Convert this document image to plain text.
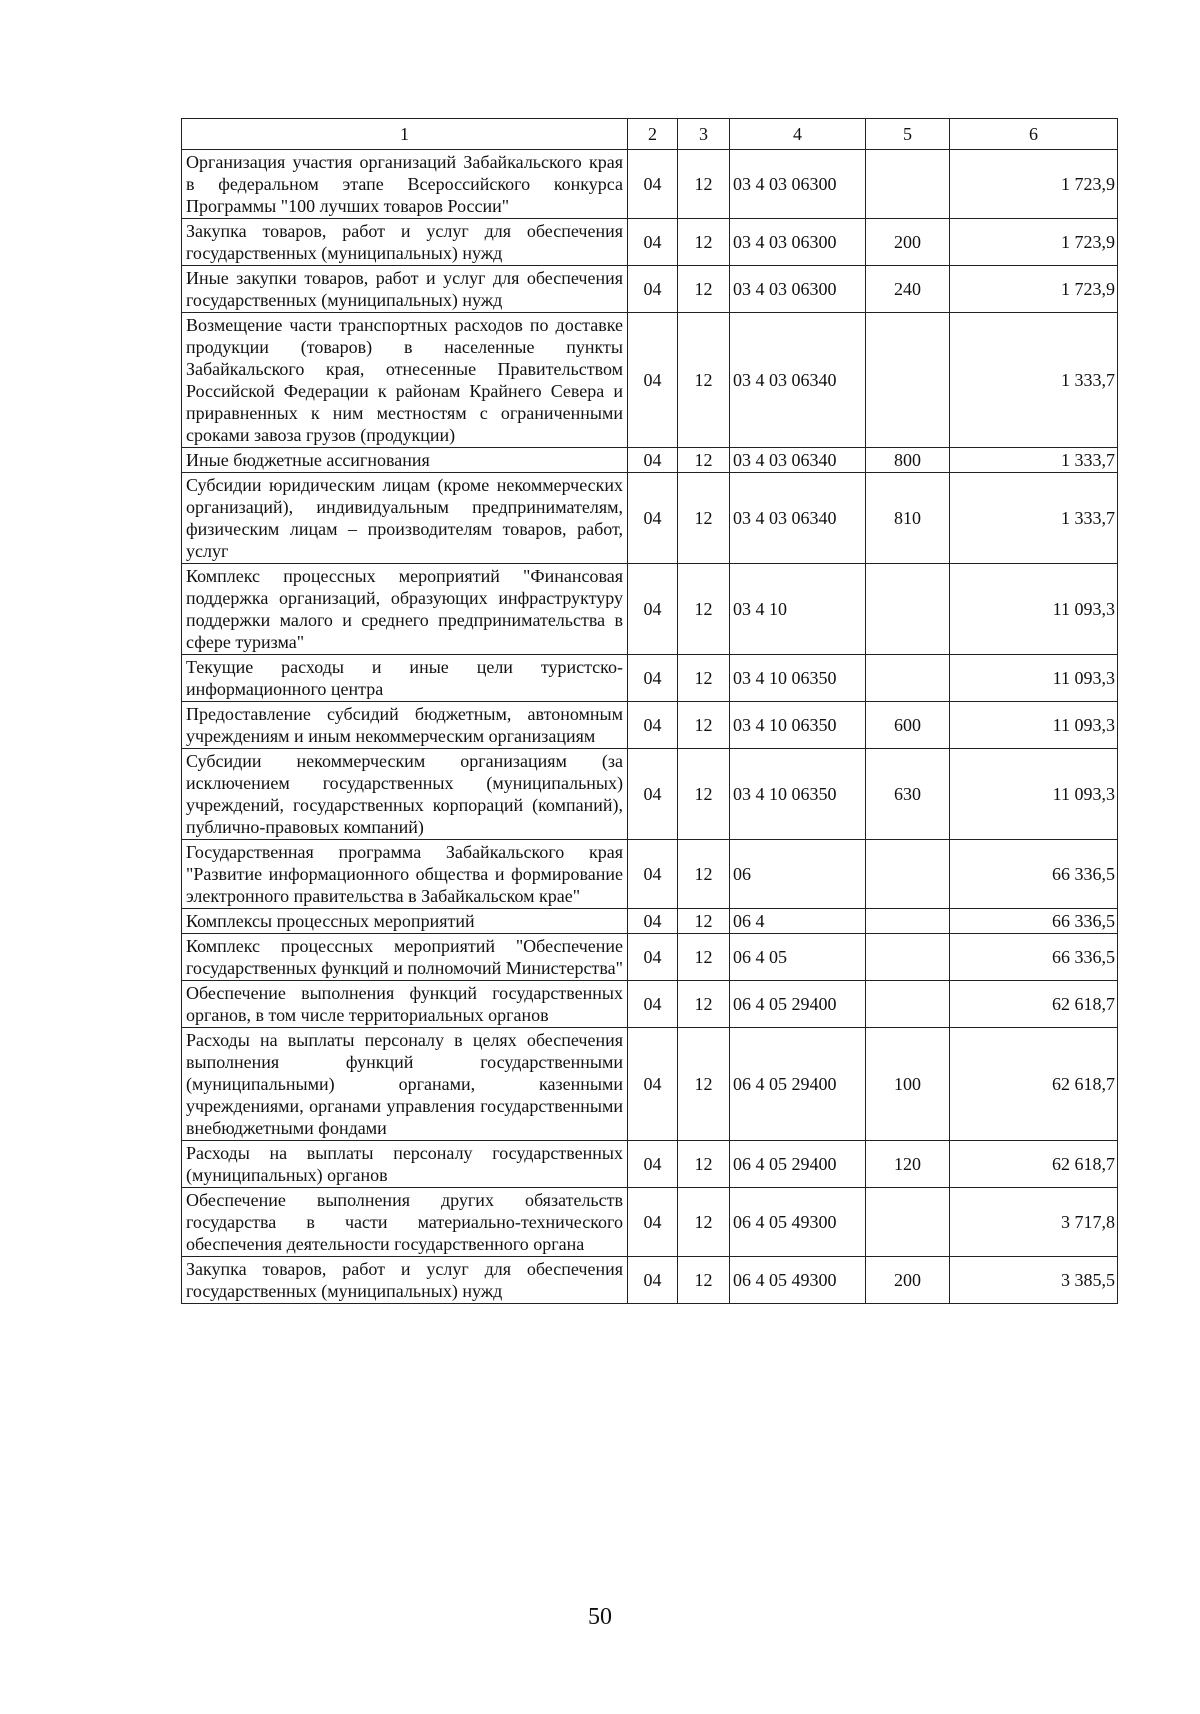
1	2	3	4	5	6
Организация участия организаций Забайкальского края в федеральном этапе Всероссийского конкурса Программы "100 лучших товаров России"	04	12	03 4 03 06300		1 723,9
Закупка товаров, работ и услуг для обеспечения государственных (муниципальных) нужд	04	12	03 4 03 06300	200	1 723,9
Иные закупки товаров, работ и услуг для обеспечения государственных (муниципальных) нужд	04	12	03 4 03 06300	240	1 723,9
Возмещение части транспортных расходов по доставке продукции (товаров) в населенные пункты Забайкальского края, отнесенные Правительством Российской Федерации к районам Крайнего Севера и приравненных к ним местностям с ограниченными сроками завоза грузов (продукции)	04	12	03 4 03 06340		1 333,7
Иные бюджетные ассигнования	04	12	03 4 03 06340	800	1 333,7
Субсидии юридическим лицам (кроме некоммерческих организаций), индивидуальным предпринимателям, физическим лицам – производителям товаров, работ, услуг	04	12	03 4 03 06340	810	1 333,7
Комплекс процессных мероприятий "Финансовая поддержка организаций, образующих инфраструктуру поддержки малого и среднего предпринимательства в сфере туризма"	04	12	03 4 10		11 093,3
Текущие расходы и иные цели туристско-информационного центра	04	12	03 4 10 06350		11 093,3
Предоставление субсидий бюджетным, автономным учреждениям и иным некоммерческим организациям	04	12	03 4 10 06350	600	11 093,3
Субсидии некоммерческим организациям (за исключением государственных (муниципальных) учреждений, государственных корпораций (компаний), публично-правовых компаний)	04	12	03 4 10 06350	630	11 093,3
Государственная программа Забайкальского края "Развитие информационного общества и формирование электронного правительства в Забайкальском крае"	04	12	06		66 336,5
Комплексы процессных мероприятий	04	12	06 4		66 336,5
Комплекс процессных мероприятий "Обеспечение государственных функций и полномочий Министерства"	04	12	06 4 05		66 336,5
Обеспечение выполнения функций государственных органов, в том числе территориальных органов	04	12	06 4 05 29400		62 618,7
Расходы на выплаты персоналу в целях обеспечения выполнения функций государственными (муниципальными) органами, казенными учреждениями, органами управления государственными внебюджетными фондами	04	12	06 4 05 29400	100	62 618,7
Расходы на выплаты персоналу государственных (муниципальных) органов	04	12	06 4 05 29400	120	62 618,7
Обеспечение выполнения других обязательств государства в части материально-технического обеспечения деятельности государственного органа	04	12	06 4 05 49300		3 717,8
Закупка товаров, работ и услуг для обеспечения государственных (муниципальных) нужд	04	12	06 4 05 49300	200	3 385,5
50
